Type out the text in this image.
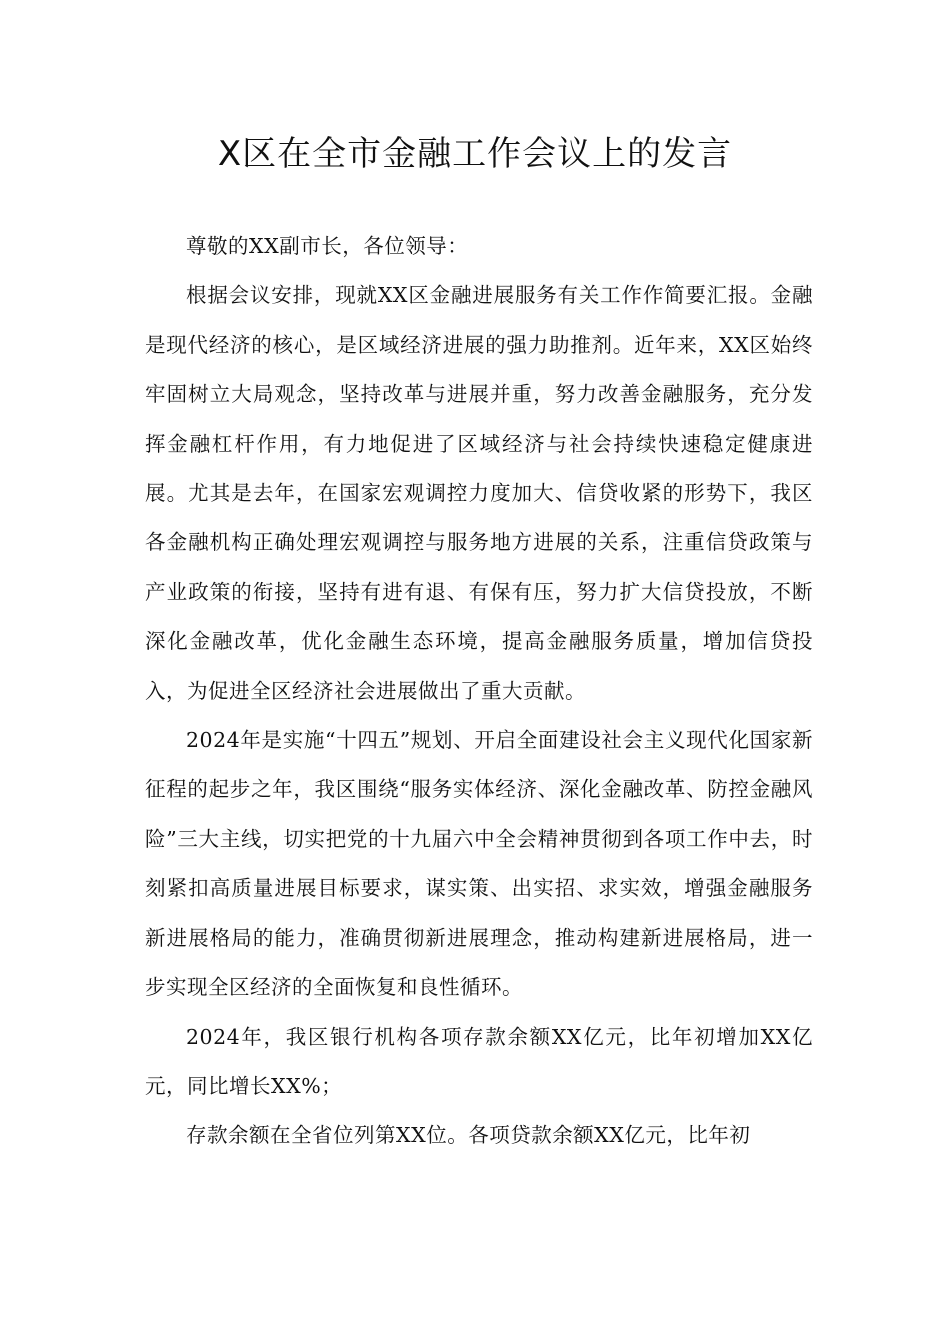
X区在全市金融工作会议上的发言

尊敬的XX副市长，各位领导：

根据会议安排，现就XX区金融进展服务有关工作作简要汇报。金融是现代经济的核心，是区域经济进展的强力助推剂。近年来，XX区始终牢固树立大局观念，坚持改革与进展并重，努力改善金融服务，充分发挥金融杠杆作用，有力地促进了区域经济与社会持续快速稳定健康进展。尤其是去年，在国家宏观调控力度加大、信贷收紧的形势下，我区各金融机构正确处理宏观调控与服务地方进展的关系，注重信贷政策与产业政策的衔接，坚持有进有退、有保有压，努力扩大信贷投放，不断深化金融改革，优化金融生态环境，提高金融服务质量，增加信贷投入，为促进全区经济社会进展做出了重大贡献。

2024年是实施“十四五”规划、开启全面建设社会主义现代化国家新征程的起步之年，我区围绕“服务实体经济、深化金融改革、防控金融风险”三大主线，切实把党的十九届六中全会精神贯彻到各项工作中去，时刻紧扣高质量进展目标要求，谋实策、出实招、求实效，增强金融服务新进展格局的能力，准确贯彻新进展理念，推动构建新进展格局，进一步实现全区经济的全面恢复和良性循环。

2024年，我区银行机构各项存款余额XX亿元，比年初增加XX亿元，同比增长XX%；

存款余额在全省位列第XX位。各项贷款余额XX亿元，比年初
